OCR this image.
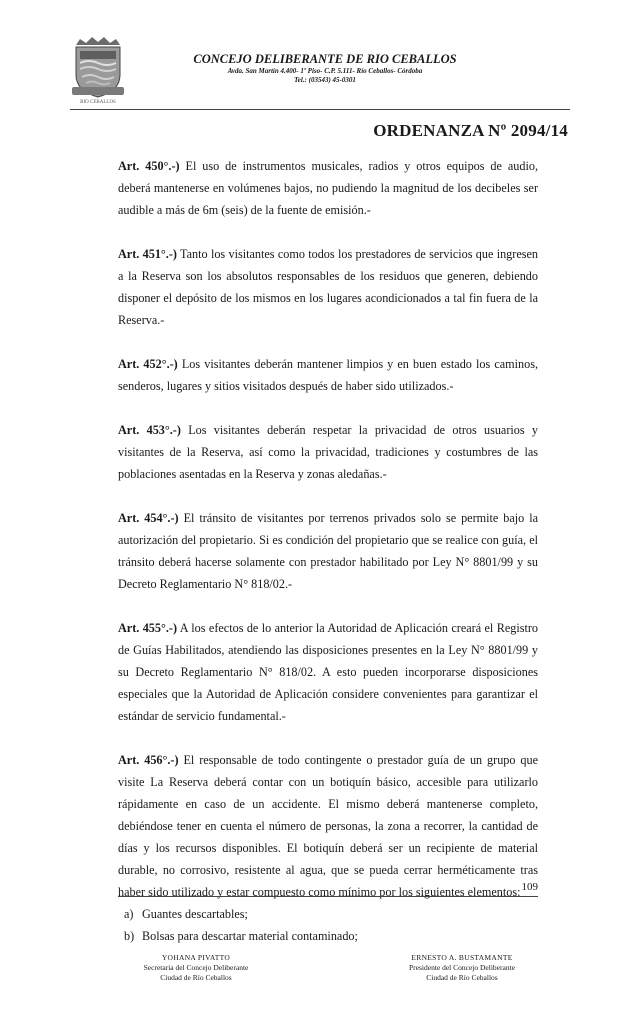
RIO CEBALLOS
CONCEJO DELIBERANTE DE RIO CEBALLOS
Avda. San Martín 4.400- 1º Piso- C.P. 5.111- Río Ceballos- Córdoba
Tel.: (03543) 45-0301
ORDENANZA Nº 2094/14

Art. 450°.-) El uso de instrumentos musicales, radios y otros equipos de audio, deberá mantenerse en volúmenes bajos, no pudiendo la magnitud de los decibeles ser audible a más de 6m (seis) de la fuente de emisión.-

Art. 451°.-) Tanto los visitantes como todos los prestadores de servicios que ingresen a la Reserva son los absolutos responsables de los residuos que generen, debiendo disponer el depósito de los mismos en los lugares acondicionados a tal fin fuera de la Reserva.-

Art. 452°.-) Los visitantes deberán mantener limpios y en buen estado los caminos, senderos, lugares y sitios visitados después de haber sido utilizados.-

Art. 453°.-) Los visitantes deberán respetar la privacidad de otros usuarios y visitantes de la Reserva, así como la privacidad, tradiciones y costumbres de las poblaciones asentadas en la Reserva y zonas aledañas.-

Art. 454°.-) El tránsito de visitantes por terrenos privados solo se permite bajo la autorización del propietario. Si es condición del propietario que se realice con guía, el tránsito deberá hacerse solamente con prestador habilitado por Ley N° 8801/99 y su Decreto Reglamentario N° 818/02.-

Art. 455°.-) A los efectos de lo anterior la Autoridad de Aplicación creará el Registro de Guías Habilitados, atendiendo las disposiciones presentes en la Ley N° 8801/99 y su Decreto Reglamentario N° 818/02. A esto pueden incorporarse disposiciones especiales que la Autoridad de Aplicación considere convenientes para garantizar el estándar de servicio fundamental.-

Art. 456°.-) El responsable de todo contingente o prestador guía de un grupo que visite La Reserva deberá contar con un botiquín básico, accesible para utilizarlo rápidamente en caso de un accidente. El mismo deberá mantenerse completo, debiéndose tener en cuenta el número de personas, la zona a recorrer, la cantidad de días y los recursos disponibles. El botiquín deberá ser un recipiente de material durable, no corrosivo, resistente al agua, que se pueda cerrar herméticamente tras haber sido utilizado y estar compuesto como mínimo por los siguientes elementos:

a) Guantes descartables;
b) Bolsas para descartar material contaminado;
109
YOHANA PIVATTO
Secretaria del Concejo Deliberante
Ciudad de Río Ceballos
ERNESTO A. BUSTAMANTE
Presidente del Concejo Deliberante
Ciudad de Río Ceballos
